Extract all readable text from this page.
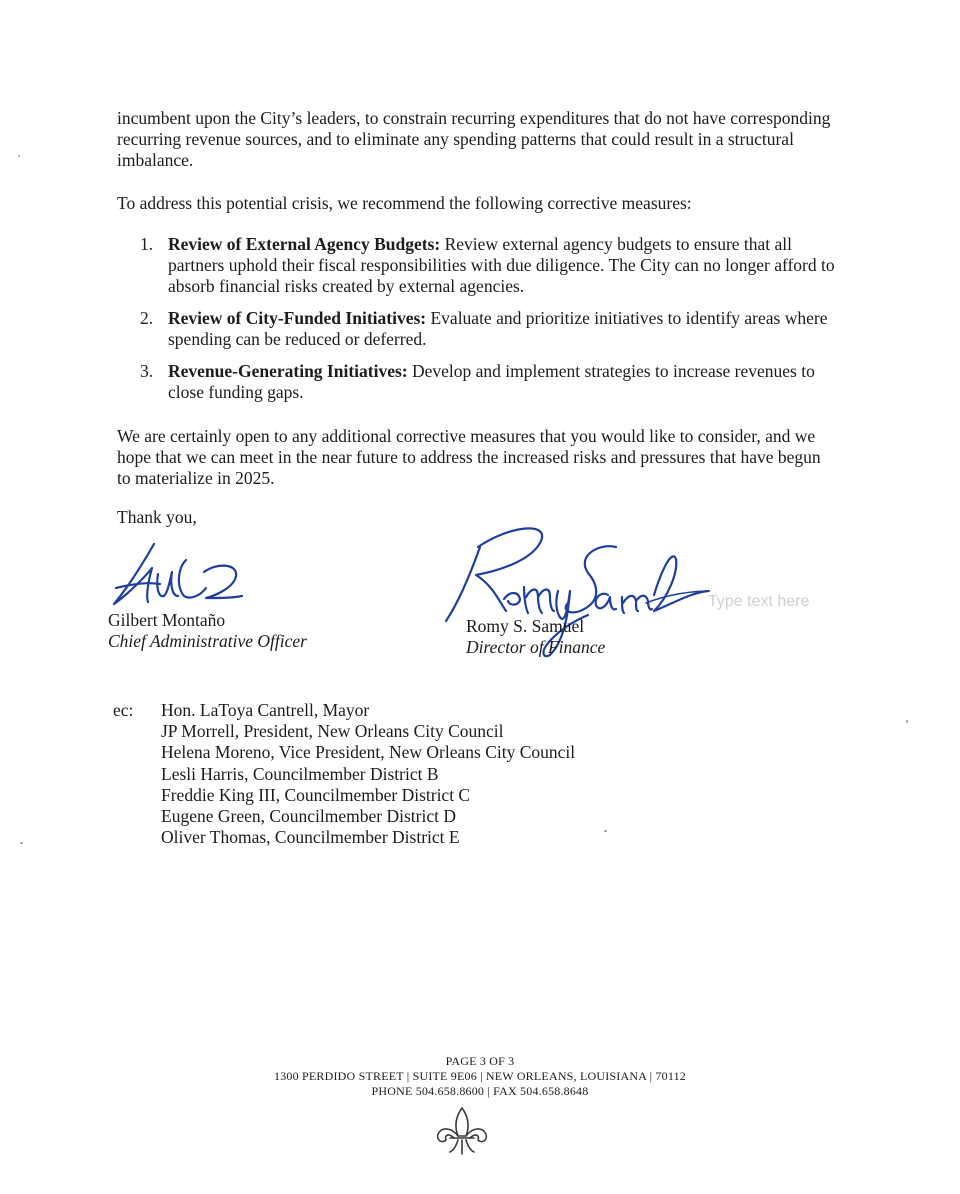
incumbent upon the City’s leaders, to constrain recurring expenditures that do not have corresponding recurring revenue sources, and to eliminate any spending patterns that could result in a structural imbalance.

To address this potential crisis, we recommend the following corrective measures:

1. Review of External Agency Budgets: Review external agency budgets to ensure that all partners uphold their fiscal responsibilities with due diligence. The City can no longer afford to absorb financial risks created by external agencies.
2. Review of City-Funded Initiatives: Evaluate and prioritize initiatives to identify areas where spending can be reduced or deferred.
3. Revenue-Generating Initiatives: Develop and implement strategies to increase revenues to close funding gaps.

We are certainly open to any additional corrective measures that you would like to consider, and we hope that we can meet in the near future to address the increased risks and pressures that have begun to materialize in 2025.

Thank you,

Type text here
Gilbert Montaño
Chief Administrative Officer
Romy S. Samuel
Director of Finance
ec: Hon. LaToya Cantrell, Mayor
JP Morrell, President, New Orleans City Council
Helena Moreno, Vice President, New Orleans City Council
Lesli Harris, Councilmember District B
Freddie King III, Councilmember District C
Eugene Green, Councilmember District D
Oliver Thomas, Councilmember District E
PAGE 3 OF 3
1300 PERDIDO STREET | SUITE 9E06 | NEW ORLEANS, LOUISIANA | 70112
PHONE 504.658.8600 | FAX 504.658.8648
